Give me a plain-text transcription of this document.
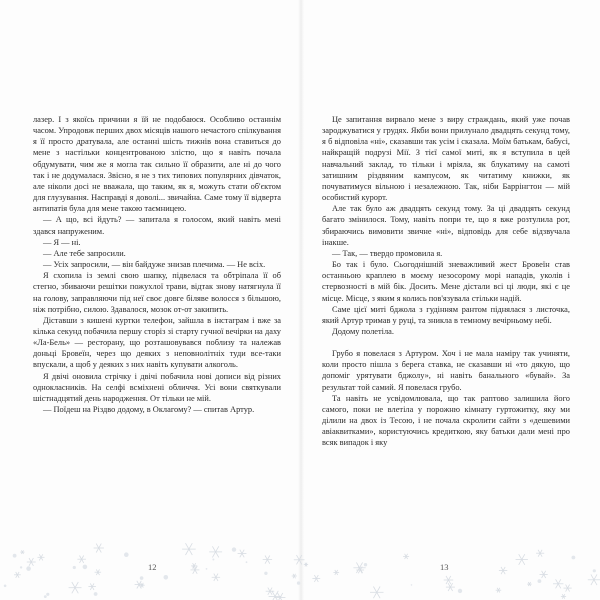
лазер. І з якоїсь причини я їй не подобаюся. Особливо останнім часом. Упродовж перших двох місяців нашого нечастого спілкування я її просто дратувала, але останні шість тижнів вона ставиться до мене з настільки концентрованою злістю, що я навіть почала обдумувати, чим же я могла так сильно її образити, але ні до чого так і не додумалася. Звісно, я не з тих типових популярних дівчаток, але ніколи досі не вважала, що таким, як я, можуть стати об'єктом для глузування. Насправді я доволі... звичайна. Саме тому її відверта антипатія була для мене такою таємницею.

— А що, всі йдуть? — запитала я голосом, який навіть мені здався напруженим.

— Я — ні.

— Але тебе запросили.

— Усіх запросили, — він байдуже знизав плечима. — Не всіх.

Я схопила із землі свою шапку, підвелася та обтріпала її об стегно, збиваючи решітки пожухлої трави, відтак знову натягнула її на голову, заправляючи під неї своє довге біляве волосся з більшою, ніж потрібно, силою. Здавалося, мозок от-от закипить.

Діставши з кишені куртки телефон, зайшла в інстаграм і вже за кілька секунд побачила першу сторіз зі старту гучної вечірки на даху «Ла-Бель» — ресторану, що розташовувався поблизу та належав доньці Бровеїн, через що деяких з неповнолітніх туди все-таки впускали, а щоб у деяких з них навіть купувати алкоголь.

Я двічі оновила стрічку і двічі побачила нові дописи від різних однокласників. На селфі всміхнені обличчя. Усі вони святкували шістнадцятий день народження. От тільки не мій.

— Поїдеш на Різдво додому, в Оклагому? — спитав Артур.

Це запитання вирвало мене з виру страждань, який уже почав зароджуватися у грудях. Якби вони прилунало двадцять секунд тому, я б відповіла «ні», сказавши так усім і сказала. Моїм батькам, бабусі, найкращій подрузі Мії. З тієї самої миті, як я вступила в цей навчальний заклад, то тільки і мріяла, як блукатиму на самоті затишним різдвяним кампусом, як читатиму книжки, як почуватимуся вільною і незалежною. Так, ніби Баррінгтон — мій особистий курорт.

Але так було аж двадцять секунд тому. За ці двадцять секунд багато змінилося. Тому, навіть попри те, що я вже розтулила рот, збираючись вимовити звичне «ні», відповідь для себе відзвучала інакше.

— Так, — твердо промовила я.

Бо так і було. Сьогоднішній зневажливий жест Бровеїн став останньою краплею в моєму незосорому морі нападів, уколів і стервозності в мій бік. Досить. Мене дістали всі ці люди, які є це місце. Місце, з яким я колись пов'язувала стільки надій.

Саме цієї миті бджола з гудінням рантом піднялася з листочка, який Артур тримав у руці, та зникла в темному вечірньому небі.

Додому полетіла.

Грубо я повелася з Артуром. Хоч і не мала наміру так учиняти, коли просто пішла з берега ставка, не сказавши ні «то дякую, що допоміг урятувати бджолу», ні навіть банального «бувай». За результат той самий. Я повелася грубо.

Та навіть не усвідомлювала, що так раптово залишила його самого, поки не влетіла у порожню кімнату гуртожитку, яку ми ділили на двох із Тесою, і не почала скролити сайти з «дешевими авіаквитками», користуючись кредиткою, яку батьки дали мені про всяк випадок і яку

12	13
